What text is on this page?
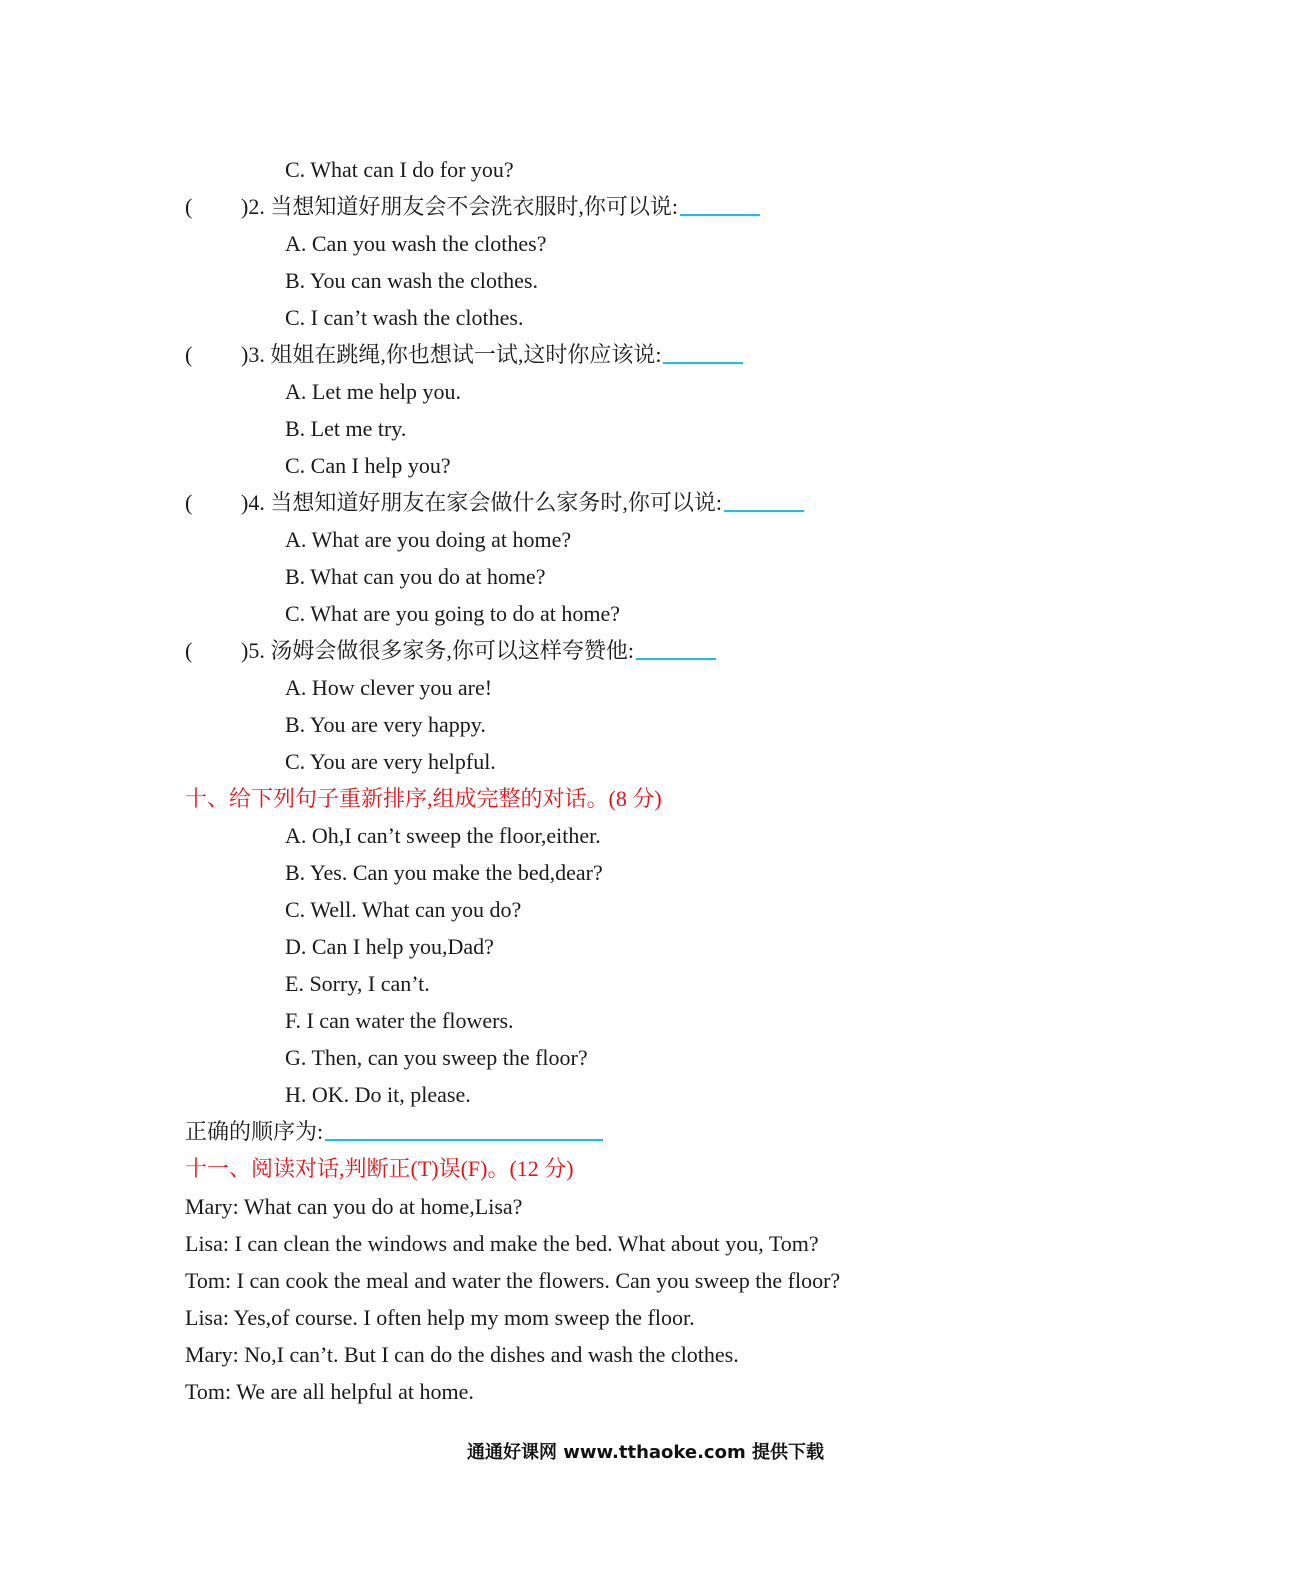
C. What can I do for you?
( )2. 当想知道好朋友会不会洗衣服时,你可以说:
A. Can you wash the clothes?
B. You can wash the clothes.
C. I can’t wash the clothes.
( )3. 姐姐在跳绳,你也想试一试,这时你应该说:
A. Let me help you.
B. Let me try.
C. Can I help you?
( )4. 当想知道好朋友在家会做什么家务时,你可以说:
A. What are you doing at home?
B. What can you do at home?
C. What are you going to do at home?
( )5. 汤姆会做很多家务,你可以这样夸赞他:
A. How clever you are!
B. You are very happy.
C. You are very helpful.
十、给下列句子重新排序,组成完整的对话。(8 分)
A. Oh,I can’t sweep the floor,either.
B. Yes. Can you make the bed,dear?
C. Well. What can you do?
D. Can I help you,Dad?
E. Sorry, I can’t.
F. I can water the flowers.
G. Then, can you sweep the floor?
H. OK. Do it, please.
正确的顺序为:
十一、阅读对话,判断正(T)误(F)。(12 分)
Mary: What can you do at home,Lisa?
Lisa: I can clean the windows and make the bed. What about you, Tom?
Tom: I can cook the meal and water the flowers. Can you sweep the floor?
Lisa: Yes,of course. I often help my mom sweep the floor.
Mary: No,I can’t. But I can do the dishes and wash the clothes.
Tom: We are all helpful at home.
通通好课网 www.tthaoke.com 提供下载
